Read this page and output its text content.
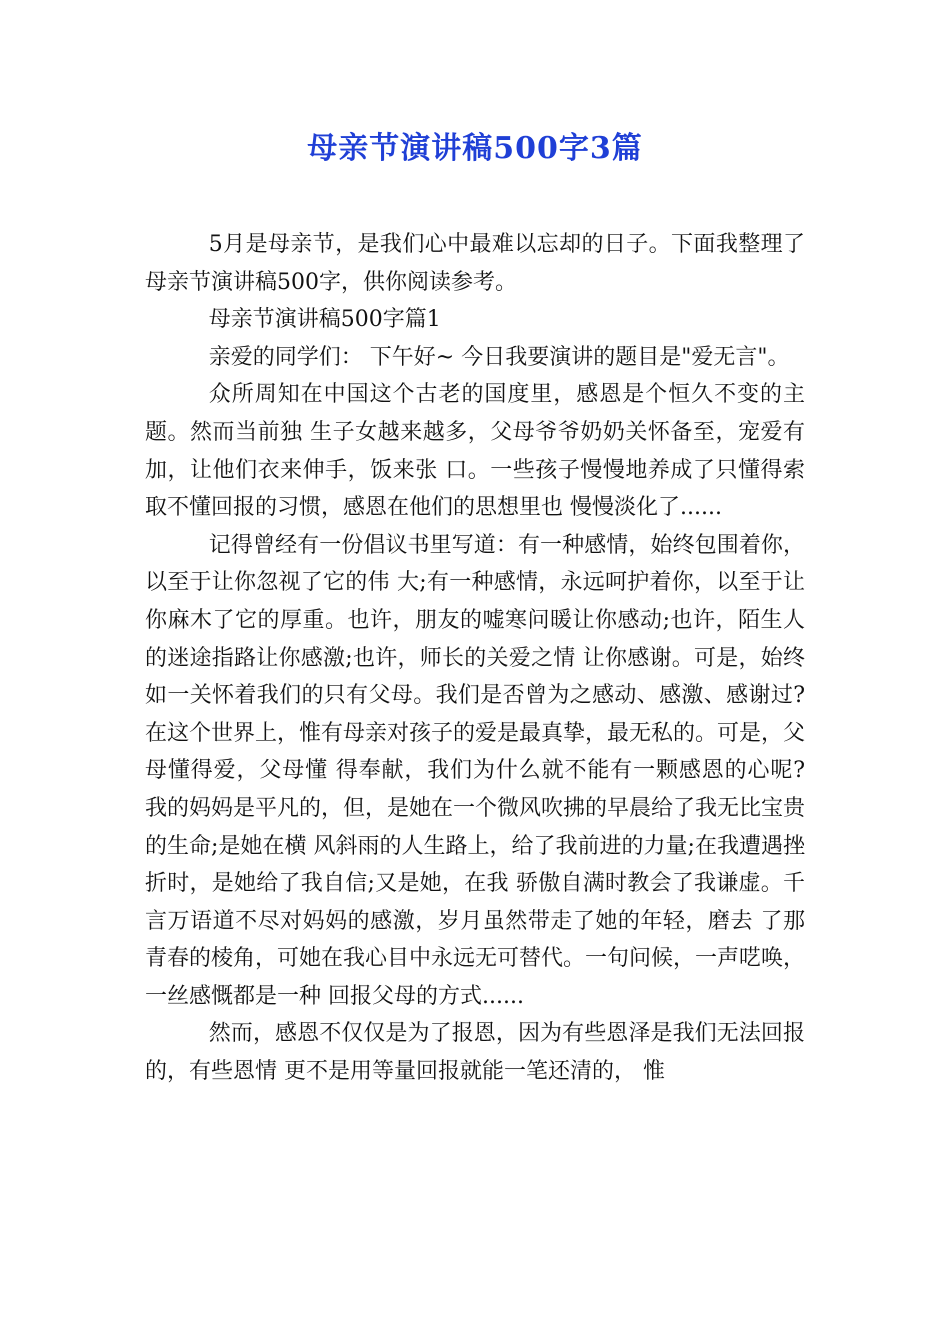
母亲节演讲稿500字3篇

5月是母亲节，是我们心中最难以忘却的日子。下面我整理了母亲节演讲稿500字，供你阅读参考。

母亲节演讲稿500字篇1

亲爱的同学们： 下午好~ 今日我要演讲的题目是"爱无言"。

众所周知在中国这个古老的国度里，感恩是个恒久不变的主题。然而当前独 生子女越来越多，父母爷爷奶奶关怀备至，宠爱有加，让他们衣来伸手，饭来张 口。一些孩子慢慢地养成了只懂得索取不懂回报的习惯，感恩在他们的思想里也 慢慢淡化了......

记得曾经有一份倡议书里写道：有一种感情，始终包围着你，以至于让你忽视了它的伟 大;有一种感情，永远呵护着你，以至于让你麻木了它的厚重。也许，朋友的嘘寒问暖让你感动;也许，陌生人的迷途指路让你感激;也许，师长的关爱之情 让你感谢。可是，始终 如一关怀着我们的只有父母。我们是否曾为之感动、感激、感谢过? 在这个世界上，惟有母亲对孩子的爱是最真挚，最无私的。可是，父母懂得爱，父母懂 得奉献，我们为什么就不能有一颗感恩的心呢? 我的妈妈是平凡的，但，是她在一个微风吹拂的早晨给了我无比宝贵的生命;是她在横 风斜雨的人生路上，给了我前进的力量;在我遭遇挫折时，是她给了我自信;又是她，在我 骄傲自满时教会了我谦虚。千言万语道不尽对妈妈的感激，岁月虽然带走了她的年轻，磨去 了那青春的棱角，可她在我心目中永远无可替代。一句问候，一声呓唤，一丝感慨都是一种 回报父母的方式......

然而，感恩不仅仅是为了报恩，因为有些恩泽是我们无法回报的，有些恩情 更不是用等量回报就能一笔还清的， 惟
